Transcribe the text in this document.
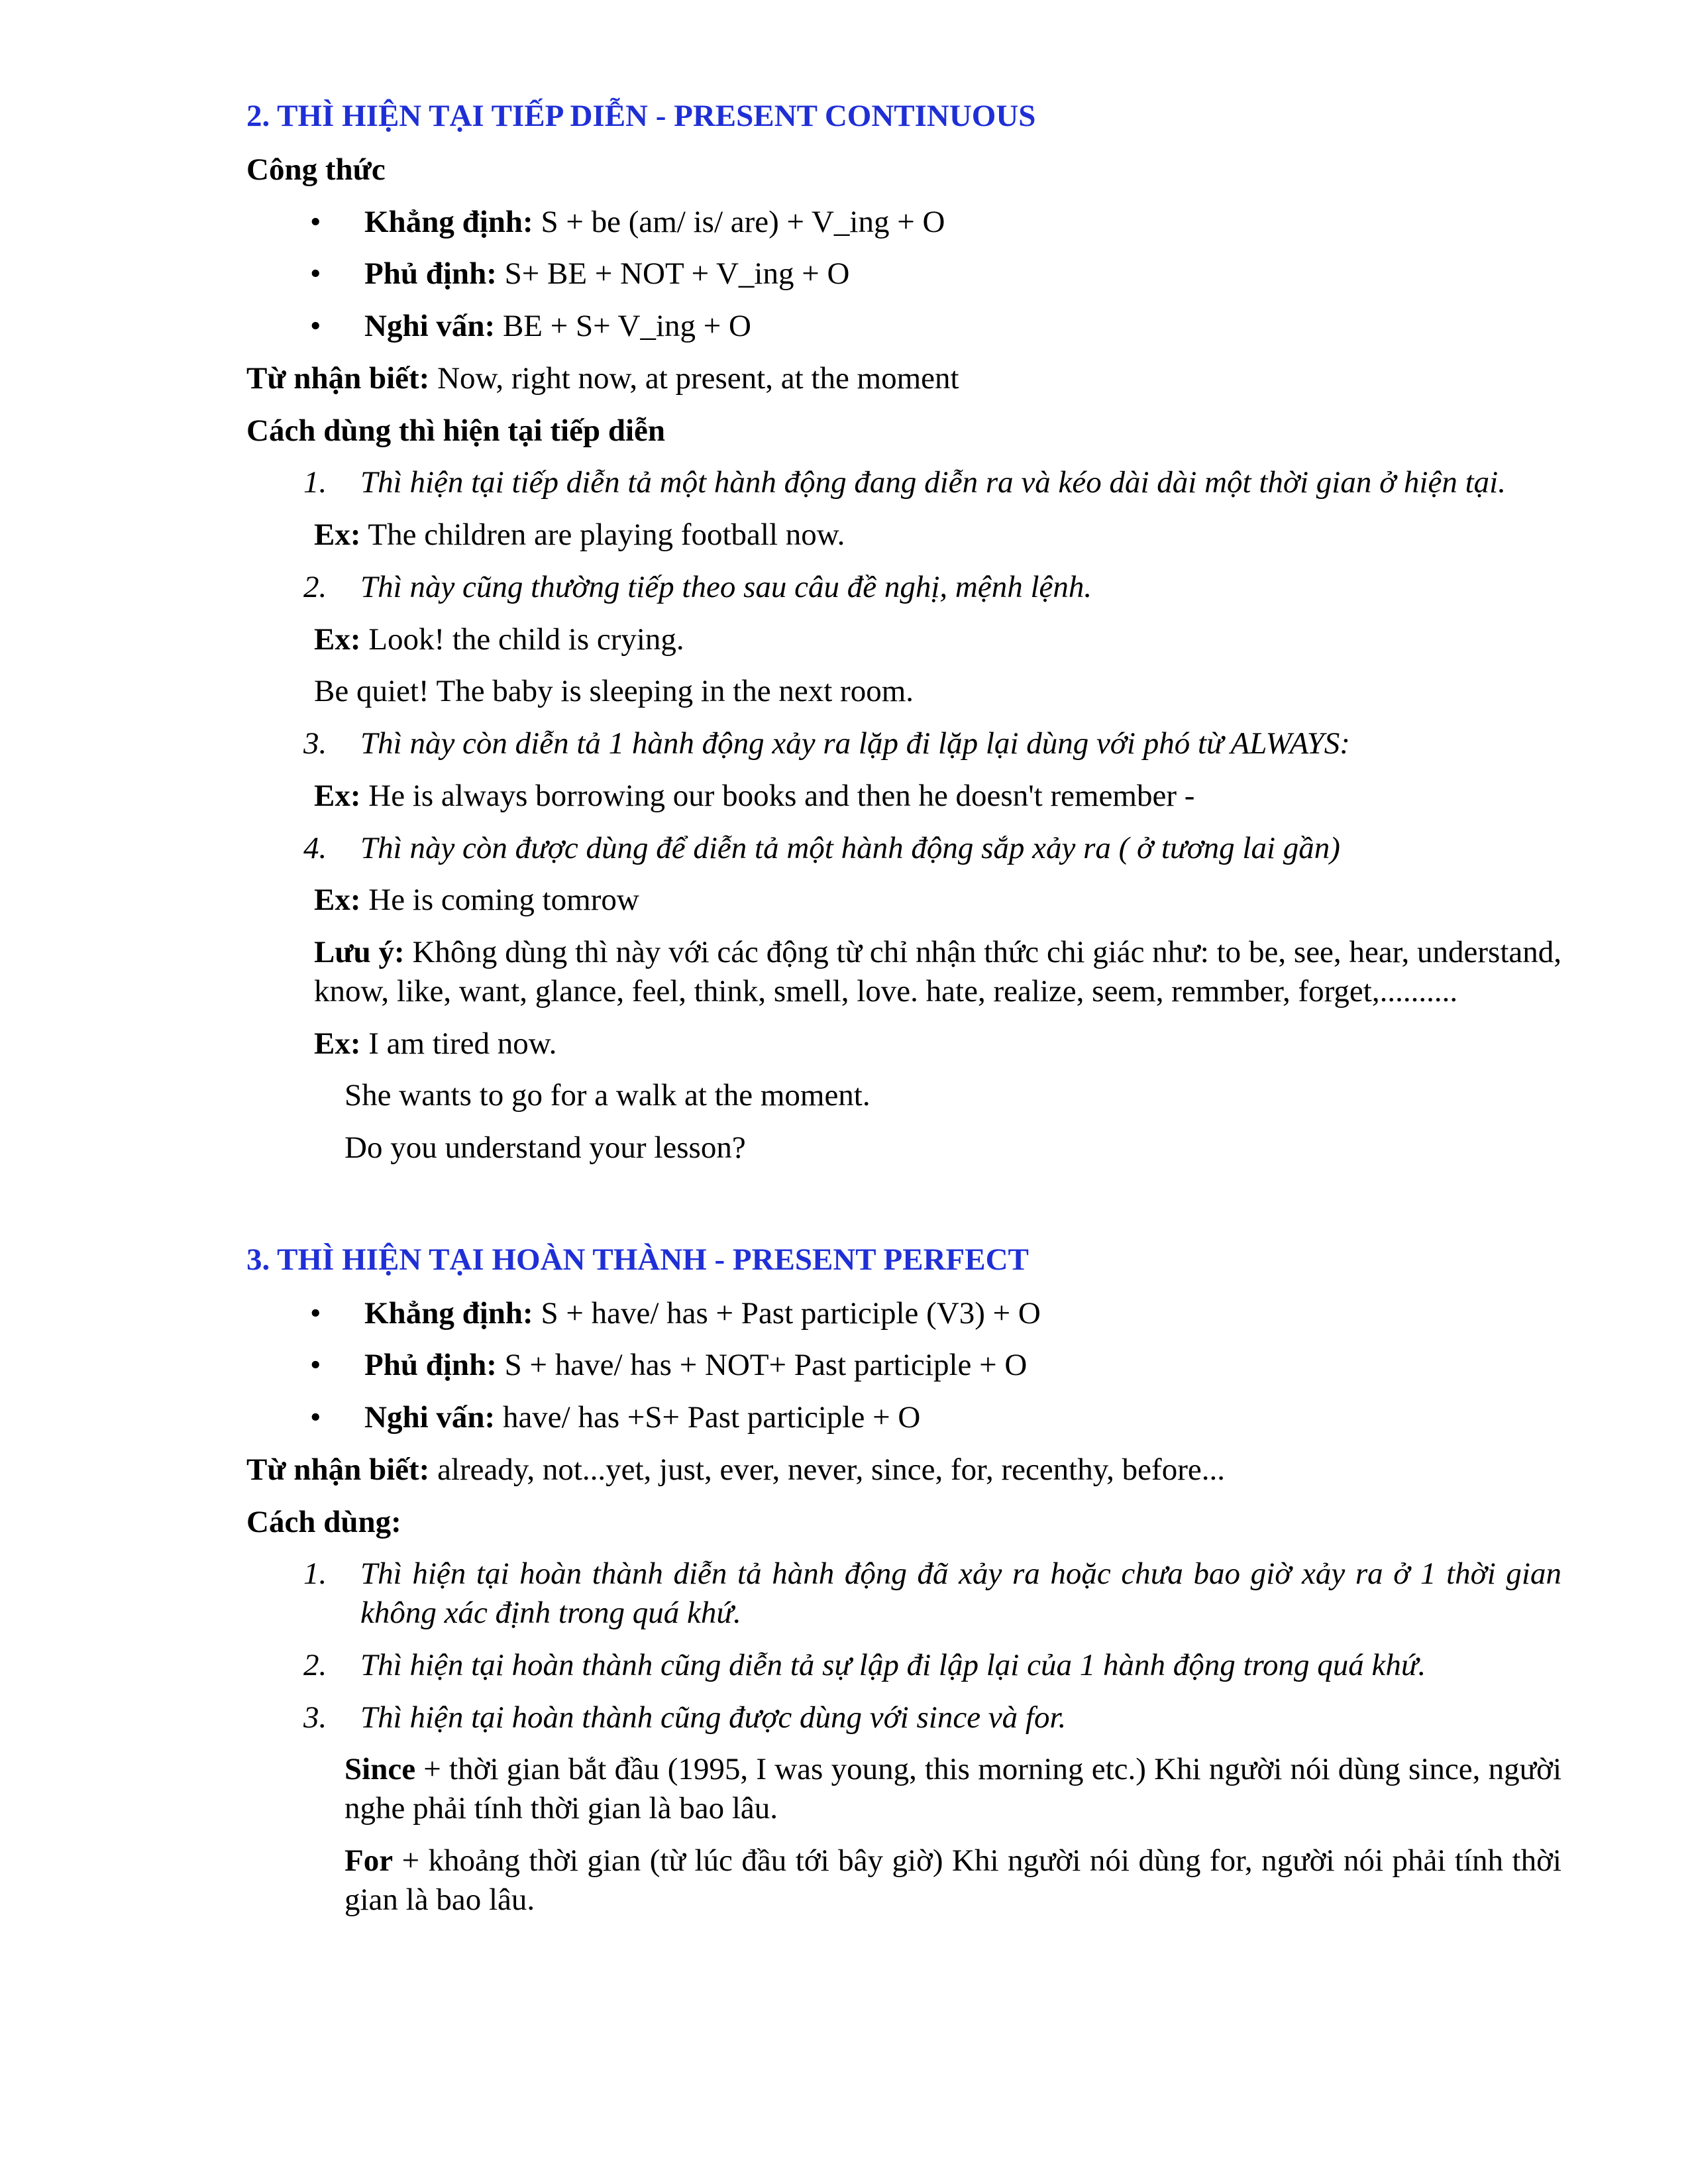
2. THÌ HIỆN TẠI TIẾP DIỄN - PRESENT CONTINUOUS
Công thức
• Khẳng định: S + be (am/ is/ are) + V_ing + O
• Phủ định: S+ BE + NOT + V_ing + O
• Nghi vấn: BE + S+ V_ing + O
Từ nhận biết: Now, right now, at present, at the moment
Cách dùng thì hiện tại tiếp diễn
1. Thì hiện tại tiếp diễn tả một hành động đang diễn ra và kéo dài dài một thời gian ở hiện tại.
Ex: The children are playing football now.
2. Thì này cũng thường tiếp theo sau câu đề nghị, mệnh lệnh.
Ex: Look! the child is crying.
Be quiet! The baby is sleeping in the next room.
3. Thì này còn diễn tả 1 hành động xảy ra lặp đi lặp lại dùng với phó từ ALWAYS:
Ex: He is always borrowing our books and then he doesn't remember -
4. Thì này còn được dùng để diễn tả một hành động sắp xảy ra ( ở tương lai gần)
Ex: He is coming tomrow
Lưu ý: Không dùng thì này với các động từ chỉ nhận thức chi giác như: to be, see, hear, understand, know, like, want, glance, feel, think, smell, love. hate, realize, seem, remmber, forget,..........
Ex: I am tired now.
She wants to go for a walk at the moment.
Do you understand your lesson?
3. THÌ HIỆN TẠI HOÀN THÀNH - PRESENT PERFECT
• Khẳng định: S + have/ has + Past participle (V3) + O
• Phủ định: S + have/ has + NOT+ Past participle + O
• Nghi vấn: have/ has +S+ Past participle + O
Từ nhận biết: already, not...yet, just, ever, never, since, for, recenthy, before...
Cách dùng:
1. Thì hiện tại hoàn thành diễn tả hành động đã xảy ra hoặc chưa bao giờ xảy ra ở 1 thời gian không xác định trong quá khứ.
2. Thì hiện tại hoàn thành cũng diễn tả sự lập đi lập lại của 1 hành động trong quá khứ.
3. Thì hiện tại hoàn thành cũng được dùng với since và for.
Since + thời gian bắt đầu (1995, I was young, this morning etc.) Khi người nói dùng since, người nghe phải tính thời gian là bao lâu.
For + khoảng thời gian (từ lúc đầu tới bây giờ) Khi người nói dùng for, người nói phải tính thời gian là bao lâu.
